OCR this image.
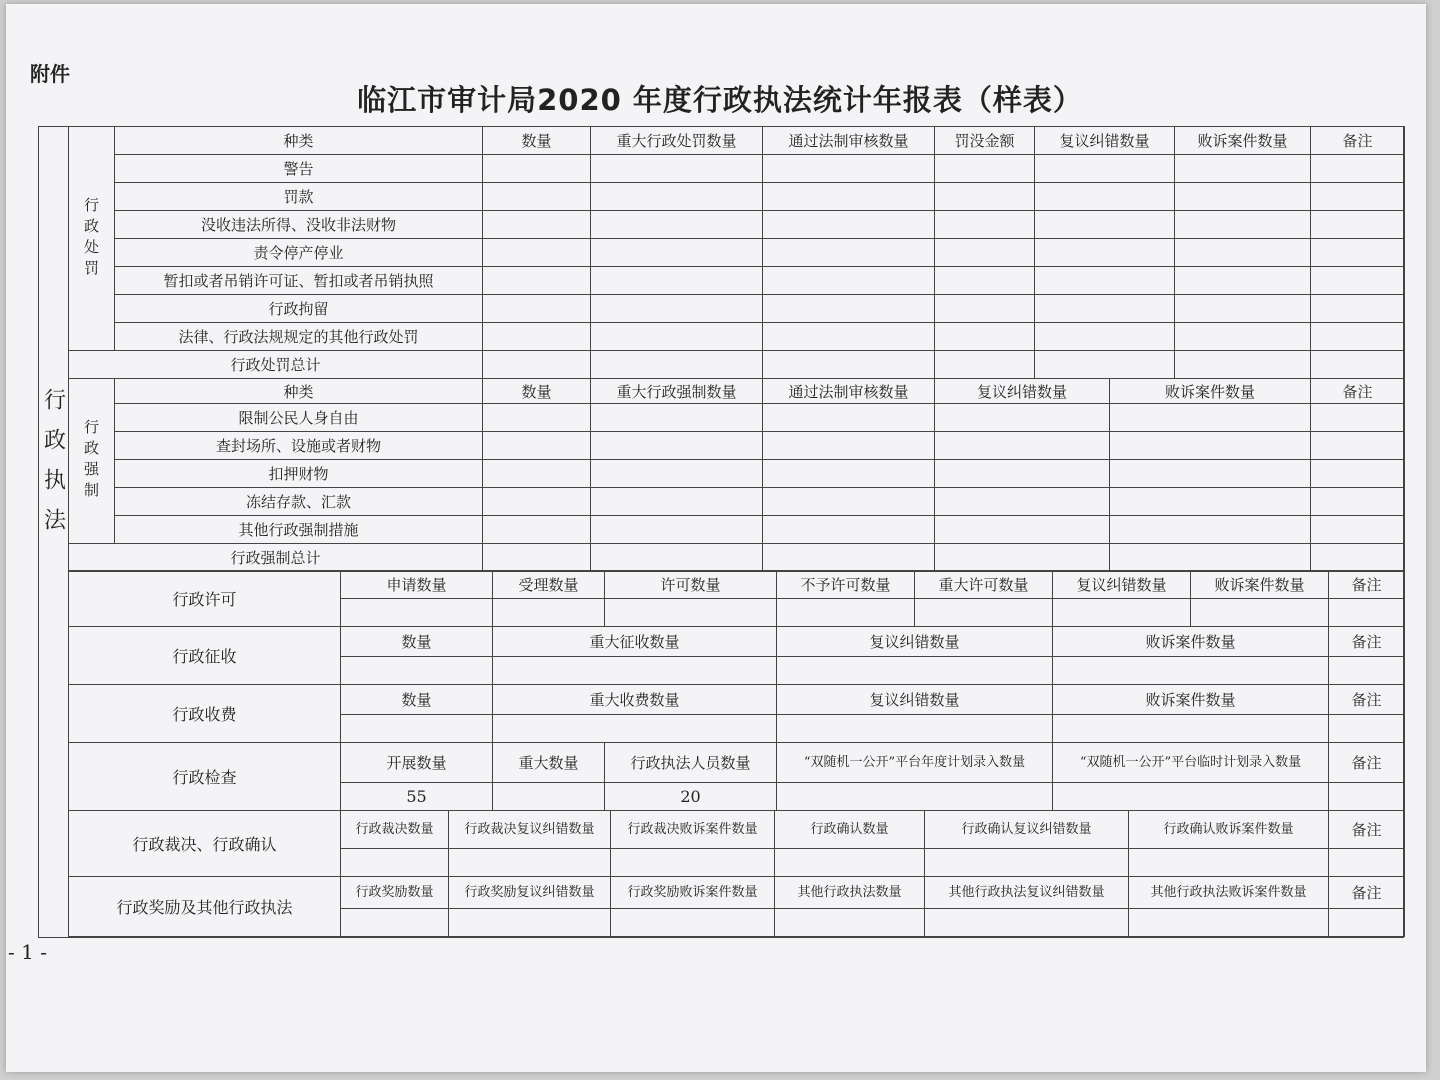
附件
临江市审计局2020 年度行政执法统计年报表（样表）
行政执法
行政处罚	种类	数量	重大行政处罚数量	通过法制审核数量	罚没金额	复议纠错数量	败诉案件数量	备注
	警告							
	罚款							
	没收违法所得、没收非法财物							
	责令停产停业							
	暂扣或者吊销许可证、暂扣或者吊销执照							
	行政拘留							
	法律、行政法规规定的其他行政处罚							
行政处罚总计								
行政强制	种类	数量	重大行政强制数量	通过法制审核数量	复议纠错数量	败诉案件数量	备注
	限制公民人身自由						
	查封场所、设施或者财物						
	扣押财物						
	冻结存款、汇款						
	其他行政强制措施						
行政强制总计							
行政许可	申请数量	受理数量	许可数量	不予许可数量	重大许可数量	复议纠错数量	败诉案件数量	备注

行政征收	数量	重大征收数量	复议纠错数量	败诉案件数量	备注

行政收费	数量	重大收费数量	复议纠错数量	败诉案件数量	备注

行政检查	开展数量	重大数量	行政执法人员数量	“双随机一公开”平台年度计划录入数量	“双随机一公开”平台临时计划录入数量	备注
	55		20			
行政裁决、行政确认	行政裁决数量	行政裁决复议纠错数量	行政裁决败诉案件数量	行政确认数量	行政确认复议纠错数量	行政确认败诉案件数量	备注

行政奖励及其他行政执法	行政奖励数量	行政奖励复议纠错数量	行政奖励败诉案件数量	其他行政执法数量	其他行政执法复议纠错数量	其他行政执法败诉案件数量	备注

- 1 -
